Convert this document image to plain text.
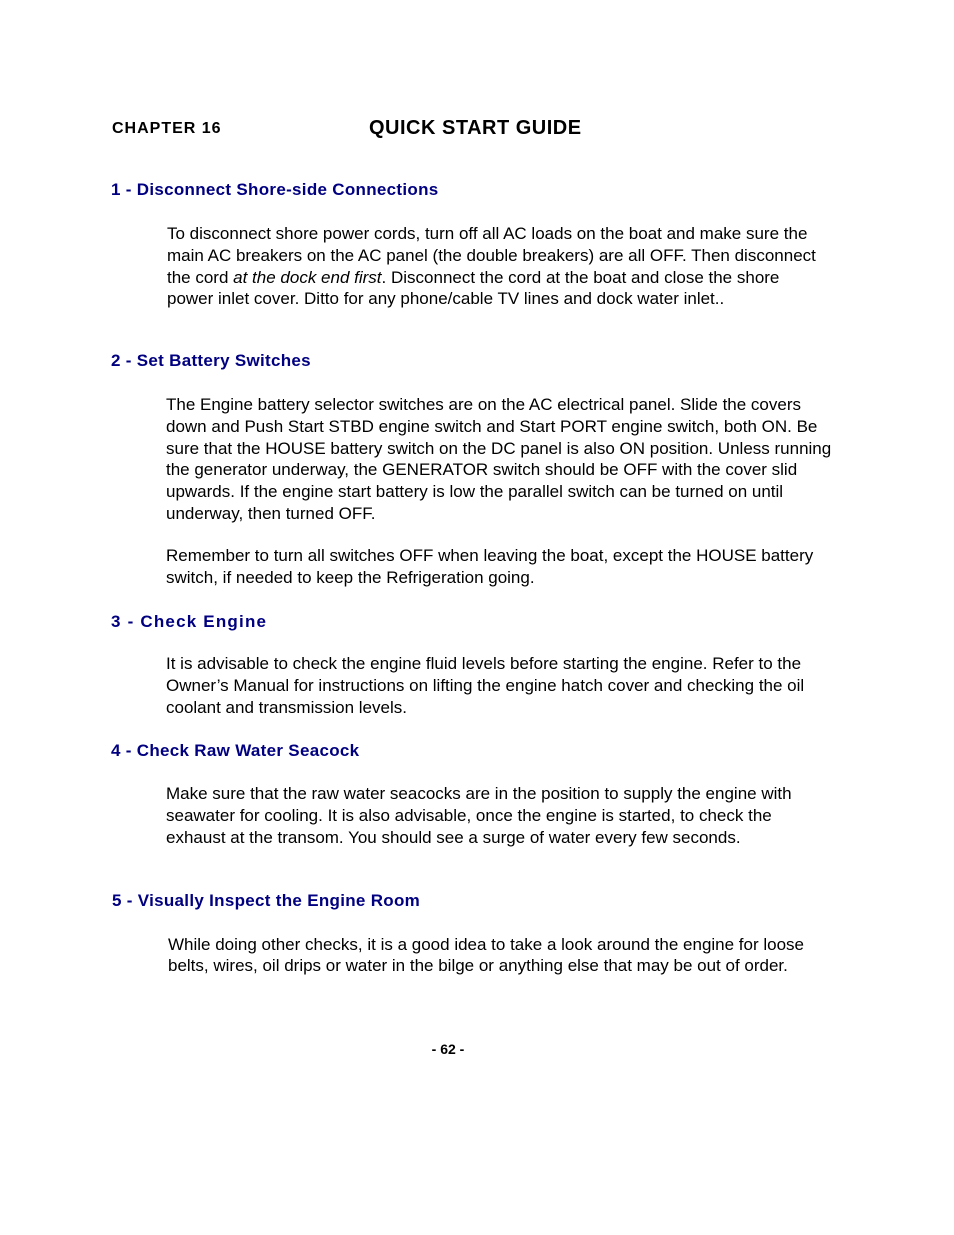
CHAPTER 16	QUICK START GUIDE
1 - Disconnect Shore-side Connections
To disconnect shore power cords, turn off all AC loads on the boat and make sure the main AC breakers on the AC panel (the double breakers) are all OFF. Then disconnect the cord at the dock end first. Disconnect the cord at the boat and close the shore power inlet cover. Ditto for any phone/cable TV lines and dock water inlet..
2 - Set Battery Switches
The Engine battery selector switches are on the AC electrical panel. Slide the covers down and Push Start STBD engine switch and Start PORT engine switch, both ON. Be sure that the HOUSE battery switch on the DC panel is also ON position. Unless running the generator underway, the GENERATOR switch should be OFF with the cover slid upwards. If the engine start battery is low the parallel switch can be turned on until underway, then turned OFF.
Remember to turn all switches OFF when leaving the boat, except the HOUSE battery switch, if needed to keep the Refrigeration going.
3 - Check Engine
It is advisable to check the engine fluid levels before starting the engine. Refer to the Owner’s Manual for instructions on lifting the engine hatch cover and checking the oil coolant and transmission levels.
4 - Check Raw Water Seacock
Make sure that the raw water seacocks are in the position to supply the engine with seawater for cooling. It is also advisable, once the engine is started, to check the exhaust at the transom. You should see a surge of water every few seconds.
5 - Visually Inspect the Engine Room
While doing other checks, it is a good idea to take a look around the engine for loose belts, wires, oil drips or water in the bilge or anything else that may be out of order.
- 62 -
